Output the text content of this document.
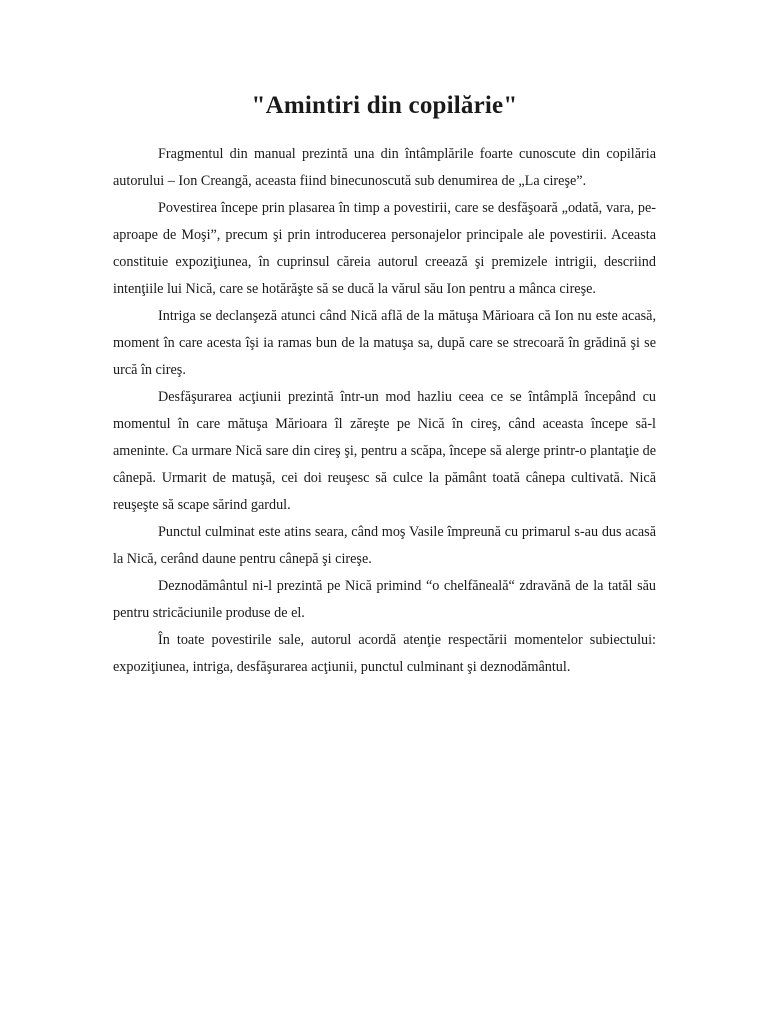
"Amintiri din copilărie"

Fragmentul din manual prezintă una din întâmplările foarte cunoscute din copilăria autorului – Ion Creangă, aceasta fiind binecunoscută sub denumirea de „La cireşe”.

Povestirea începe prin plasarea în timp a povestirii, care se desfăşoară „odată, vara, pe-aproape de Moşi”, precum şi prin introducerea personajelor principale ale povestirii. Aceasta constituie expoziţiunea, în cuprinsul căreia autorul creează şi premizele intrigii, descriind intenţiile lui Nică, care se hotărăşte să se ducă la vărul său Ion pentru a mânca cireşe.

Intriga se declanşeză atunci când Nică află de la mătuşa Mărioara că Ion nu este acasă, moment în care acesta îşi ia ramas bun de la matuşa sa, după care se strecoară în grădină şi se urcă în cireş.

Desfăşurarea acţiunii prezintă într-un mod hazliu ceea ce se întâmplă începând cu momentul în care mătuşa Mărioara îl zăreşte pe Nică în cireş, când aceasta începe să-l ameninte. Ca urmare Nică sare din cireş şi, pentru a scăpa, începe să alerge printr-o plantaţie de cânepă. Urmarit de matuşă, cei doi reuşesc să culce la pământ toată cânepa cultivată. Nică reuşeşte să scape sărind gardul.

Punctul culminat este atins seara, când moş Vasile împreună cu primarul s-au dus acasă la Nică, cerând daune pentru cânepă şi cireşe.

Deznodământul ni-l prezintă pe Nică primind “o chelfăneală“ zdravănă de la tatăl său pentru stricăciunile produse de el.

În toate povestirile sale, autorul acordă atenţie respectării momentelor subiectului: expoziţiunea, intriga, desfăşurarea acţiunii, punctul culminant şi deznodământul.
